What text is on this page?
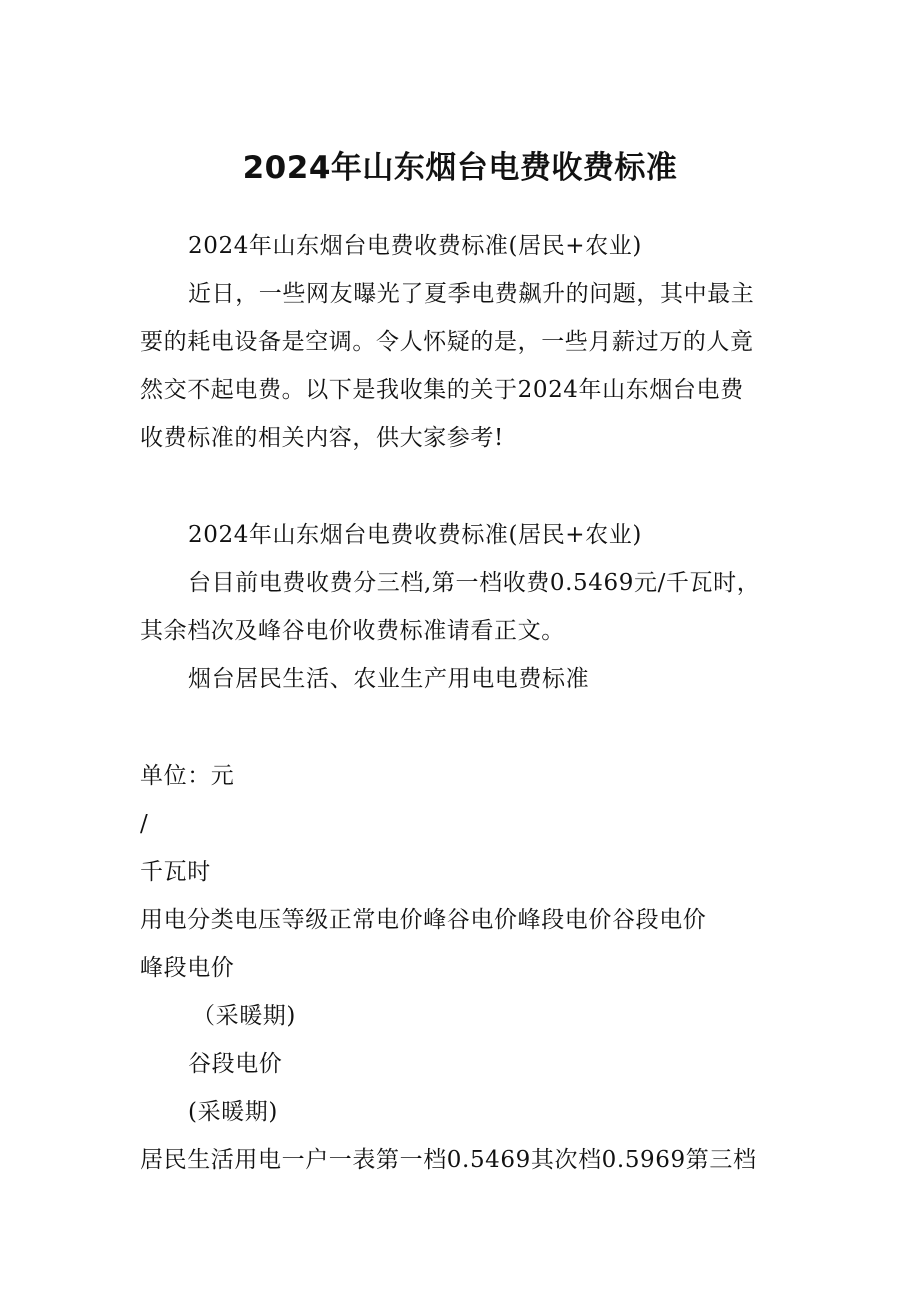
2024年山东烟台电费收费标准
2024年山东烟台电费收费标准(居民+农业)
近日，一些网友曝光了夏季电费飙升的问题，其中最主
要的耗电设备是空调。令人怀疑的是，一些月薪过万的人竟
然交不起电费。以下是我收集的关于2024年山东烟台电费
收费标准的相关内容，供大家参考!
2024年山东烟台电费收费标准(居民+农业)
台目前电费收费分三档,第一档收费0.5469元/千瓦时，
其余档次及峰谷电价收费标准请看正文。
烟台居民生活、农业生产用电电费标准
单位：元
/
千瓦时
用电分类电压等级正常电价峰谷电价峰段电价谷段电价
峰段电价
（采暖期)
谷段电价
(采暖期)
居民生活用电一户一表第一档0.5469其次档0.5969第三档
